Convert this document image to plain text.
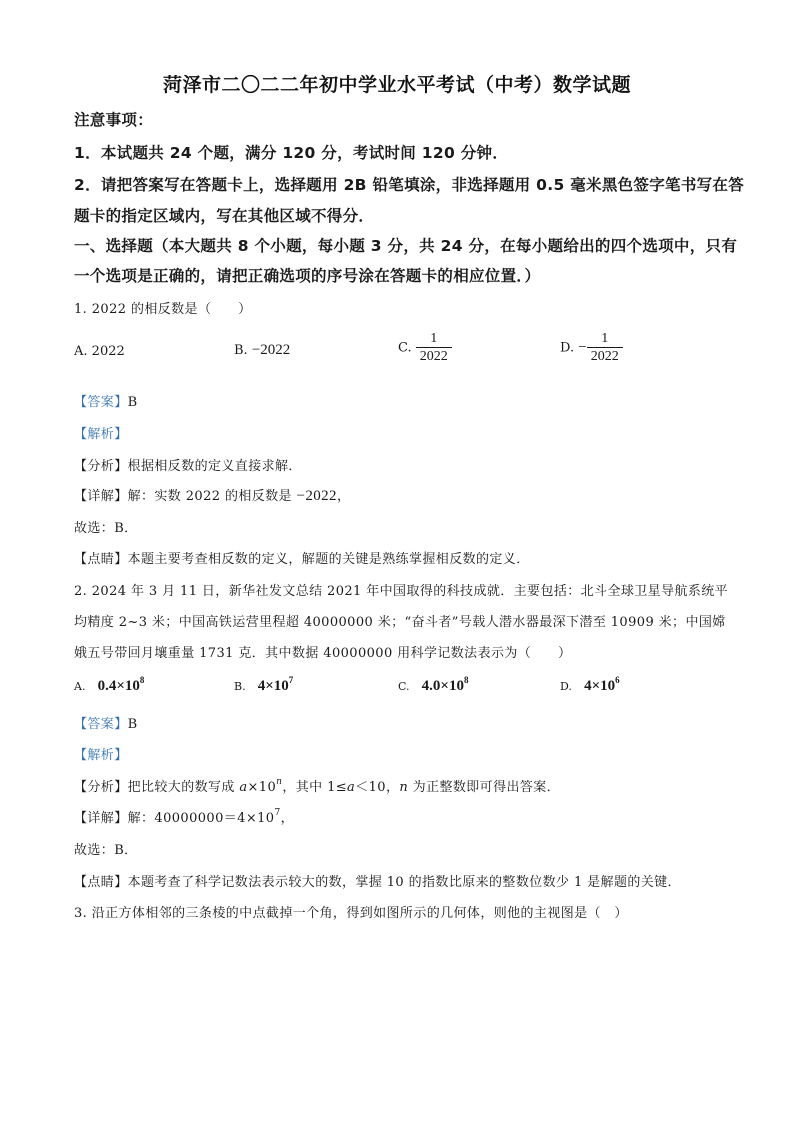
菏泽市二〇二二年初中学业水平考试（中考）数学试题
注意事项：
1．本试题共 24 个题，满分 120 分，考试时间 120 分钟．
2．请把答案写在答题卡上，选择题用 2B 铅笔填涂，非选择题用 0.5 毫米黑色签字笔书写在答
题卡的指定区域内，写在其他区域不得分．
一、选择题（本大题共 8 个小题，每小题 3 分，共 24 分，在每小题给出的四个选项中，只有
一个选项是正确的，请把正确选项的序号涂在答题卡的相应位置．）
1. 2022 的相反数是（　　）
A. 2022	B. −2022	C. $\frac{1}{2022}$	D. − $\frac{1}{2022}$
【答案】B
【解析】
【分析】根据相反数的定义直接求解．
【详解】解：实数 2022 的相反数是 −2022，
故选：B．
【点睛】本题主要考查相反数的定义，解题的关键是熟练掌握相反数的定义．
2. 2024 年 3 月 11 日，新华社发文总结 2021 年中国取得的科技成就．主要包括：北斗全球卫星导航系统平
均精度 2~3 米；中国高铁运营里程超 40000000 米；“奋斗者”号载人潜水器最深下潜至 10909 米；中国嫦
娥五号带回月壤重量 1731 克．其中数据 40000000 用科学记数法表示为（　　）
A. $0.4\times 10^8$	B. $4\times 10^7$	C. $4.0\times 10^8$	D. $4\times 10^6$
【答案】B
【解析】
【分析】把比较大的数写成 $a\times 10^n$，其中 1≤a＜10，n 为正整数即可得出答案．
【详解】解：$40000000=4\times 10^7$，
故选：B．
【点睛】本题考查了科学记数法表示较大的数，掌握 10 的指数比原来的整数位数少 1 是解题的关键．
3. 沿正方体相邻的三条棱的中点截掉一个角，得到如图所示的几何体，则他的主视图是（　）
